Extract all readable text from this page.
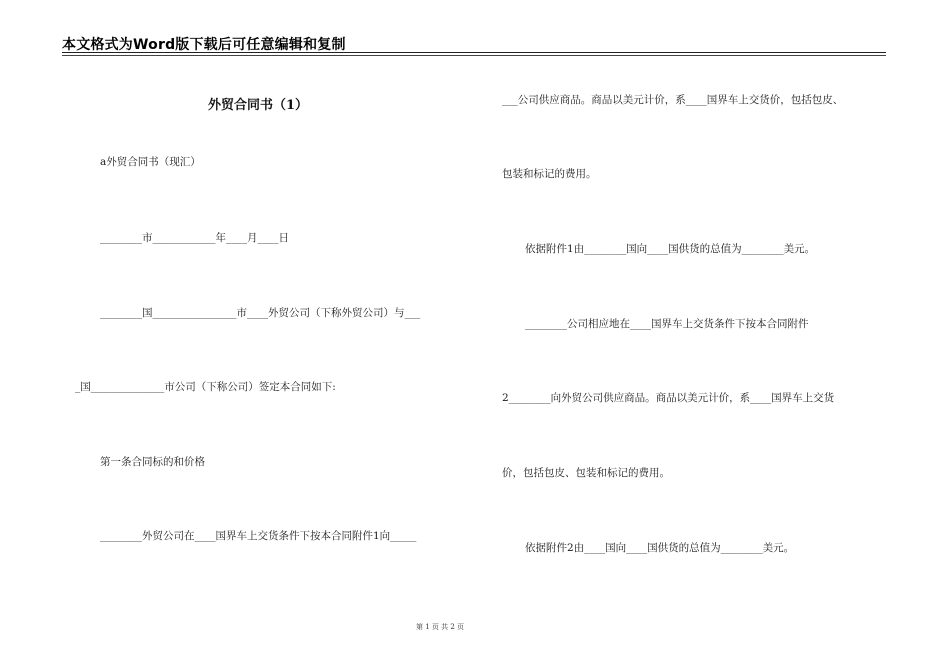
本文格式为Word版下载后可任意编辑和复制
外贸合同书（1）
a外贸合同书（现汇）
________市____________年____月____日
________国________________市____外贸公司（下称外贸公司）与___
_国______________市公司（下称公司）签定本合同如下:
第一条合同标的和价格
________外贸公司在____国界车上交货条件下按本合同附件1向_____
___公司供应商品。商品以美元计价，系____国界车上交货价，包括包皮、
包装和标记的费用。
依据附件1由________国向____国供货的总值为________美元。
________公司相应地在____国界车上交货条件下按本合同附件
2________向外贸公司供应商品。商品以美元计价，系____国界车上交货
价，包括包皮、包装和标记的费用。
依据附件2由____国向____国供货的总值为________美元。
第 1 页 共 2 页
